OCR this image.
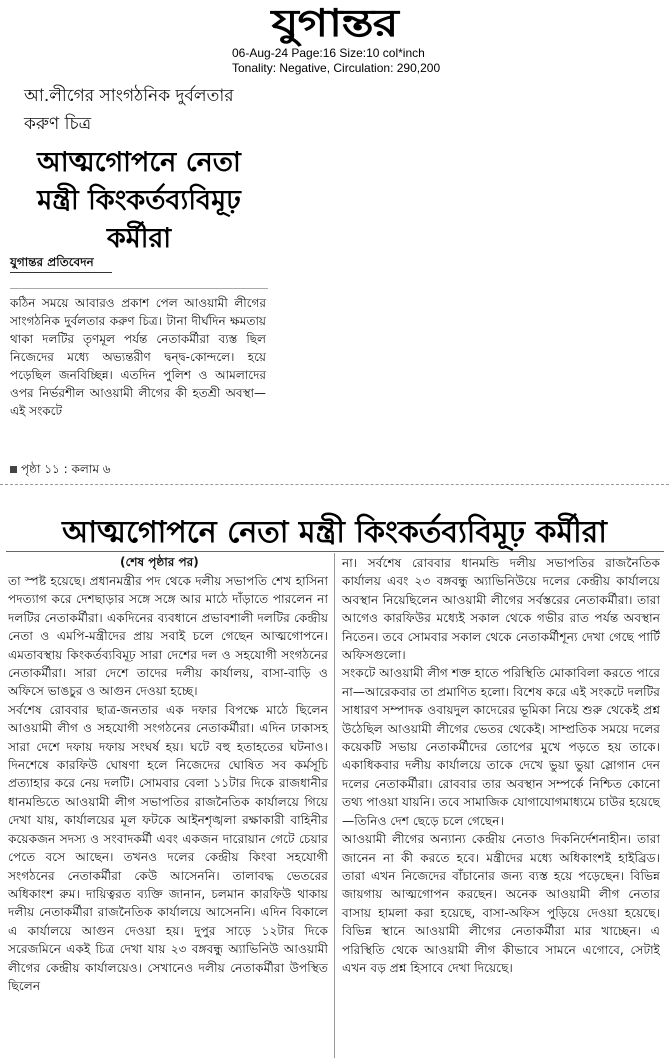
যুগান্তর
06-Aug-24 Page:16 Size:10 col*inch
Tonality: Negative, Circulation: 290,200
আ.লীগের সাংগঠনিক দুর্বলতার করুণ চিত্র
আত্মগোপনে নেতা মন্ত্রী কিংকর্তব্যবিমূঢ় কর্মীরা
যুগান্তর প্রতিবেদন
কঠিন সময়ে আবারও প্রকাশ পেল আওয়ামী লীগের সাংগঠনিক দুর্বলতার করুণ চিত্র। টানা দীর্ঘদিন ক্ষমতায় থাকা দলটির তৃণমূল পর্যন্ত নেতাকর্মীরা ব্যস্ত ছিল নিজেদের মধ্যে অভ্যন্তরীণ দ্বন্দ্ব-কোন্দলে। হয়ে পড়েছিল জনবিচ্ছিন্ন। এতদিন পুলিশ ও আমলাদের ওপর নির্ভরশীল আওয়ামী লীগের কী হতশ্রী অবস্থা—এই সংকটে
পৃষ্ঠা ১১ : কলাম ৬
আত্মগোপনে নেতা মন্ত্রী কিংকর্তব্যবিমূঢ় কর্মীরা
(শেষ পৃষ্ঠার পর)

তা স্পষ্ট হয়েছে। প্রধানমন্ত্রীর পদ থেকে দলীয় সভাপতি শেখ হাসিনা পদত্যাগ করে দেশছাড়ার সঙ্গে সঙ্গে আর মাঠে দাঁড়াতে পারলেন না দলটির নেতাকর্মীরা। একদিনের ব্যবধানে প্রভাবশালী দলটির কেন্দ্রীয় নেতা ও এমপি-মন্ত্রীদের প্রায় সবাই চলে গেছেন আত্মগোপনে। এমতাবস্থায় কিংকর্তব্যবিমূঢ় সারা দেশের দল ও সহযোগী সংগঠনের নেতাকর্মীরা। সারা দেশে তাদের দলীয় কার্যালয়, বাসা-বাড়ি ও অফিসে ভাঙচুর ও আগুন দেওয়া হচ্ছে।

সর্বশেষ রোববার ছাত্র-জনতার এক দফার বিপক্ষে মাঠে ছিলেন আওয়ামী লীগ ও সহযোগী সংগঠনের নেতাকর্মীরা। এদিন ঢাকাসহ সারা দেশে দফায় দফায় সংঘর্ষ হয়। ঘটে বহু হতাহতের ঘটনাও। দিনশেষে কারফিউ ঘোষণা হলে নিজেদের ঘোষিত সব কর্মসূচি প্রত্যাহার করে নেয় দলটি। সোমবার বেলা ১১টার দিকে রাজধানীর ধানমন্ডিতে আওয়ামী লীগ সভাপতির রাজনৈতিক কার্যালয়ে গিয়ে দেখা যায়, কার্যালয়ের মূল ফটকে আইনশৃঙ্খলা রক্ষাকারী বাহিনীর কয়েকজন সদস্য ও সংবাদকর্মী এবং একজন দারোয়ান গেটে চেয়ার পেতে বসে আছেন। তখনও দলের কেন্দ্রীয় কিংবা সহযোগী সংগঠনের নেতাকর্মীরা কেউ আসেননি। তালাবদ্ধ ভেতরের অধিকাংশ রুম। দায়িত্বরত ব্যক্তি জানান, চলমান কারফিউ থাকায় দলীয় নেতাকর্মীরা রাজনৈতিক কার্যালয়ে আসেননি। এদিন বিকালে এ কার্যালয়ে আগুন দেওয়া হয়। দুপুর সাড়ে ১২টার দিকে সরেজমিনে একই চিত্র দেখা যায় ২৩ বঙ্গবন্ধু অ্যাভিনিউ আওয়ামী লীগের কেন্দ্রীয় কার্যালয়েও। সেখানেও দলীয় নেতাকর্মীরা উপস্থিত ছিলেন

না। সর্বশেষ রোববার ধানমন্ডি দলীয় সভাপতির রাজনৈতিক কার্যালয় এবং ২৩ বঙ্গবন্ধু অ্যাভিনিউয়ে দলের কেন্দ্রীয় কার্যালয়ে অবস্থান নিয়েছিলেন আওয়ামী লীগের সর্বস্তরের নেতাকর্মীরা। তারা আগেও কারফিউর মধ্যেই সকাল থেকে গভীর রাত পর্যন্ত অবস্থান নিতেন। তবে সোমবার সকাল থেকে নেতাকর্মীশূন্য দেখা গেছে পার্টি অফিসগুলো।

সংকটে আওয়ামী লীগ শক্ত হাতে পরিস্থিতি মোকাবিলা করতে পারে না—আরেকবার তা প্রমাণিত হলো। বিশেষ করে এই সংকটে দলটির সাধারণ সম্পাদক ওবায়দুল কাদেরের ভূমিকা নিয়ে শুরু থেকেই প্রশ্ন উঠেছিল আওয়ামী লীগের ভেতর থেকেই। সাম্প্রতিক সময়ে দলের কয়েকটি সভায় নেতাকর্মীদের তোপের মুখে পড়তে হয় তাকে। একাধিকবার দলীয় কার্যালয়ে তাকে দেখে ভুয়া ভুয়া স্লোগান দেন দলের নেতাকর্মীরা। রোববার তার অবস্থান সম্পর্কে নিশ্চিত কোনো তথ্য পাওয়া যায়নি। তবে সামাজিক যোগাযোগমাধ্যমে চাউর হয়েছে—তিনিও দেশ ছেড়ে চলে গেছেন।

আওয়ামী লীগের অন্যান্য কেন্দ্রীয় নেতাও দিকনির্দেশনাহীন। তারা জানেন না কী করতে হবে। মন্ত্রীদের মধ্যে অধিকাংশই হাইব্রিড। তারা এখন নিজেদের বাঁচানোর জন্য ব্যস্ত হয়ে পড়েছেন। বিভিন্ন জায়গায় আত্মগোপন করছেন। অনেক আওয়ামী লীগ নেতার বাসায় হামলা করা হয়েছে, বাসা-অফিস পুড়িয়ে দেওয়া হয়েছে। বিভিন্ন স্থানে আওয়ামী লীগের নেতাকর্মীরা মার খাচ্ছেন। এ পরিস্থিতি থেকে আওয়ামী লীগ কীভাবে সামনে এগোবে, সেটাই এখন বড় প্রশ্ন হিসাবে দেখা দিয়েছে।
